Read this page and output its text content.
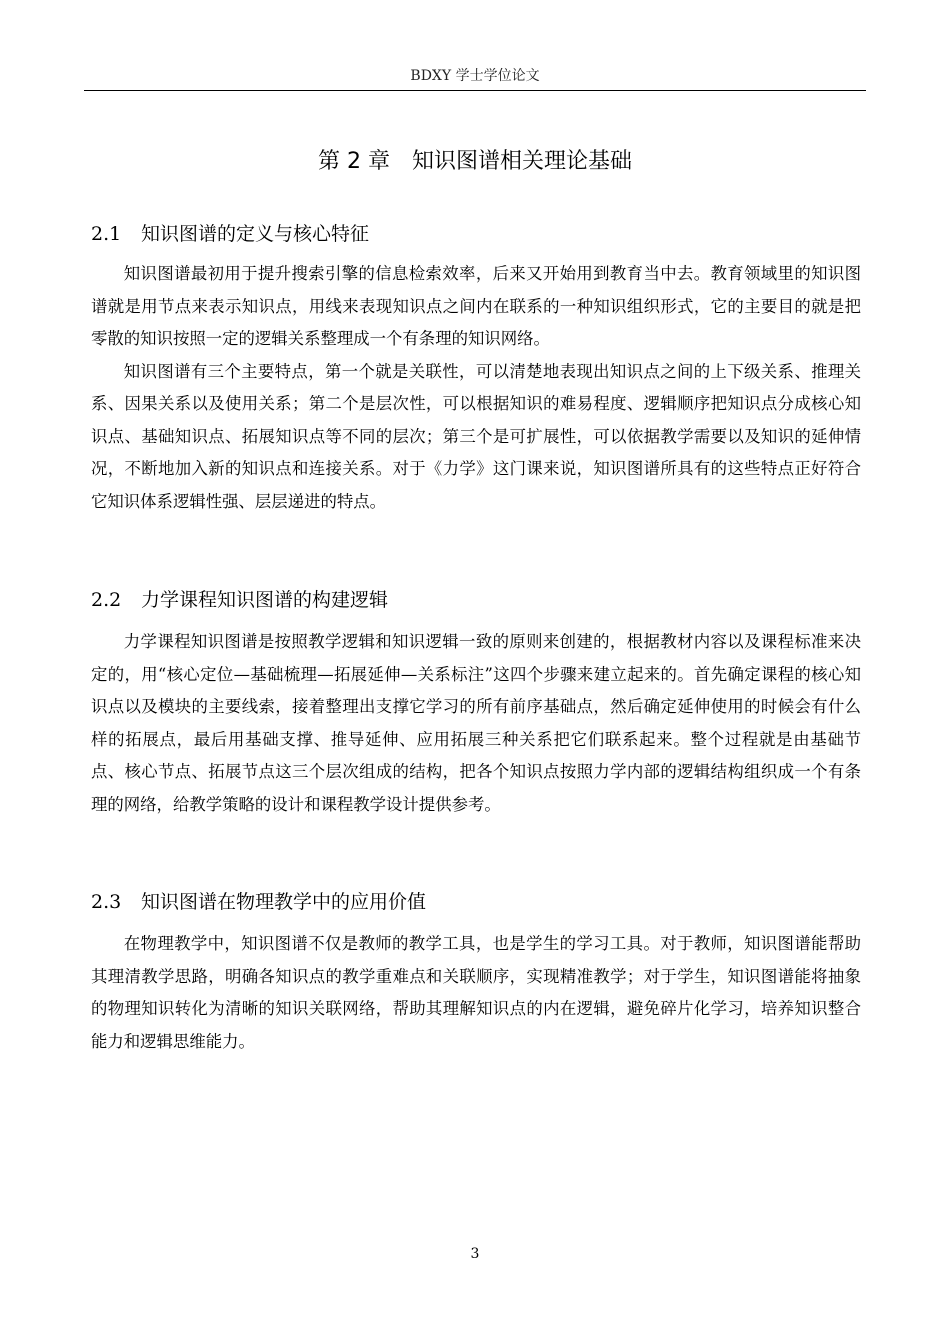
BDXY 学士学位论文
第 2 章 知识图谱相关理论基础
2.1 知识图谱的定义与核心特征

知识图谱最初用于提升搜索引擎的信息检索效率，后来又开始用到教育当中去。教育领域里的知识图谱就是用节点来表示知识点，用线来表现知识点之间内在联系的一种知识组织形式，它的主要目的就是把零散的知识按照一定的逻辑关系整理成一个有条理的知识网络。

知识图谱有三个主要特点，第一个就是关联性，可以清楚地表现出知识点之间的上下级关系、推理关系、因果关系以及使用关系；第二个是层次性，可以根据知识的难易程度、逻辑顺序把知识点分成核心知识点、基础知识点、拓展知识点等不同的层次；第三个是可扩展性，可以依据教学需要以及知识的延伸情况，不断地加入新的知识点和连接关系。对于《力学》这门课来说，知识图谱所具有的这些特点正好符合它知识体系逻辑性强、层层递进的特点。

2.2 力学课程知识图谱的构建逻辑

力学课程知识图谱是按照教学逻辑和知识逻辑一致的原则来创建的，根据教材内容以及课程标准来决定的，用“核心定位—基础梳理—拓展延伸—关系标注”这四个步骤来建立起来的。首先确定课程的核心知识点以及模块的主要线索，接着整理出支撑它学习的所有前序基础点，然后确定延伸使用的时候会有什么样的拓展点，最后用基础支撑、推导延伸、应用拓展三种关系把它们联系起来。整个过程就是由基础节点、核心节点、拓展节点这三个层次组成的结构，把各个知识点按照力学内部的逻辑结构组织成一个有条理的网络，给教学策略的设计和课程教学设计提供参考。

2.3 知识图谱在物理教学中的应用价值

在物理教学中，知识图谱不仅是教师的教学工具，也是学生的学习工具。对于教师，知识图谱能帮助其理清教学思路，明确各知识点的教学重难点和关联顺序，实现精准教学；对于学生，知识图谱能将抽象的物理知识转化为清晰的知识关联网络，帮助其理解知识点的内在逻辑，避免碎片化学习，培养知识整合能力和逻辑思维能力。

3
